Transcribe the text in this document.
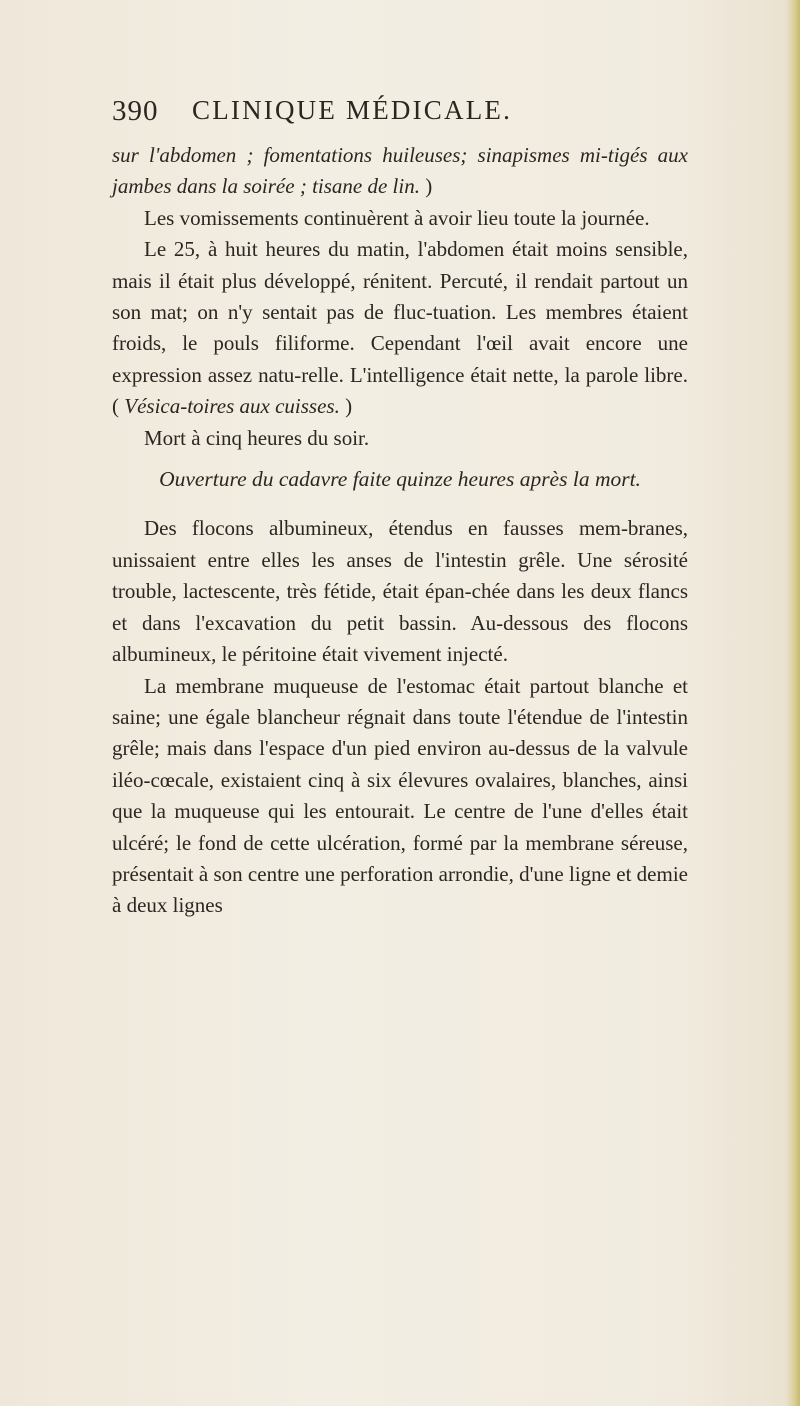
390 CLINIQUE MÉDICALE.

sur l'abdomen ; fomentations huileuses; sinapismes mi-tigés aux jambes dans la soirée ; tisane de lin. )

Les vomissements continuèrent à avoir lieu toute la journée.

Le 25, à huit heures du matin, l'abdomen était moins sensible, mais il était plus développé, rénitent. Percuté, il rendait partout un son mat; on n'y sentait pas de fluc-tuation. Les membres étaient froids, le pouls filiforme. Cependant l'œil avait encore une expression assez natu-relle. L'intelligence était nette, la parole libre. ( Vésica-toires aux cuisses. )

Mort à cinq heures du soir.

Ouverture du cadavre faite quinze heures après la mort.

Des flocons albumineux, étendus en fausses mem-branes, unissaient entre elles les anses de l'intestin grêle. Une sérosité trouble, lactescente, très fétide, était épan-chée dans les deux flancs et dans l'excavation du petit bassin. Au-dessous des flocons albumineux, le péritoine était vivement injecté.

La membrane muqueuse de l'estomac était partout blanche et saine; une égale blancheur régnait dans toute l'étendue de l'intestin grêle; mais dans l'espace d'un pied environ au-dessus de la valvule iléo-cœcale, existaient cinq à six élevures ovalaires, blanches, ainsi que la muqueuse qui les entourait. Le centre de l'une d'elles était ulcéré; le fond de cette ulcération, formé par la membrane séreuse, présentait à son centre une perforation arrondie, d'une ligne et demie à deux lignes
